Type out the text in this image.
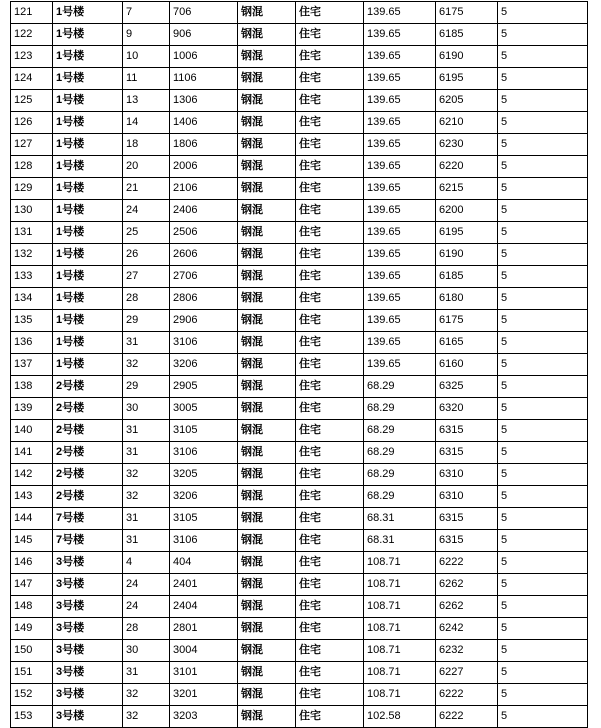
121	1号楼	7	706	钢混	住宅	139.65	6175	5
122	1号楼	9	906	钢混	住宅	139.65	6185	5
123	1号楼	10	1006	钢混	住宅	139.65	6190	5
124	1号楼	11	1106	钢混	住宅	139.65	6195	5
125	1号楼	13	1306	钢混	住宅	139.65	6205	5
126	1号楼	14	1406	钢混	住宅	139.65	6210	5
127	1号楼	18	1806	钢混	住宅	139.65	6230	5
128	1号楼	20	2006	钢混	住宅	139.65	6220	5
129	1号楼	21	2106	钢混	住宅	139.65	6215	5
130	1号楼	24	2406	钢混	住宅	139.65	6200	5
131	1号楼	25	2506	钢混	住宅	139.65	6195	5
132	1号楼	26	2606	钢混	住宅	139.65	6190	5
133	1号楼	27	2706	钢混	住宅	139.65	6185	5
134	1号楼	28	2806	钢混	住宅	139.65	6180	5
135	1号楼	29	2906	钢混	住宅	139.65	6175	5
136	1号楼	31	3106	钢混	住宅	139.65	6165	5
137	1号楼	32	3206	钢混	住宅	139.65	6160	5
138	2号楼	29	2905	钢混	住宅	68.29	6325	5
139	2号楼	30	3005	钢混	住宅	68.29	6320	5
140	2号楼	31	3105	钢混	住宅	68.29	6315	5
141	2号楼	31	3106	钢混	住宅	68.29	6315	5
142	2号楼	32	3205	钢混	住宅	68.29	6310	5
143	2号楼	32	3206	钢混	住宅	68.29	6310	5
144	7号楼	31	3105	钢混	住宅	68.31	6315	5
145	7号楼	31	3106	钢混	住宅	68.31	6315	5
146	3号楼	4	404	钢混	住宅	108.71	6222	5
147	3号楼	24	2401	钢混	住宅	108.71	6262	5
148	3号楼	24	2404	钢混	住宅	108.71	6262	5
149	3号楼	28	2801	钢混	住宅	108.71	6242	5
150	3号楼	30	3004	钢混	住宅	108.71	6232	5
151	3号楼	31	3101	钢混	住宅	108.71	6227	5
152	3号楼	32	3201	钢混	住宅	108.71	6222	5
153	3号楼	32	3203	钢混	住宅	102.58	6222	5
